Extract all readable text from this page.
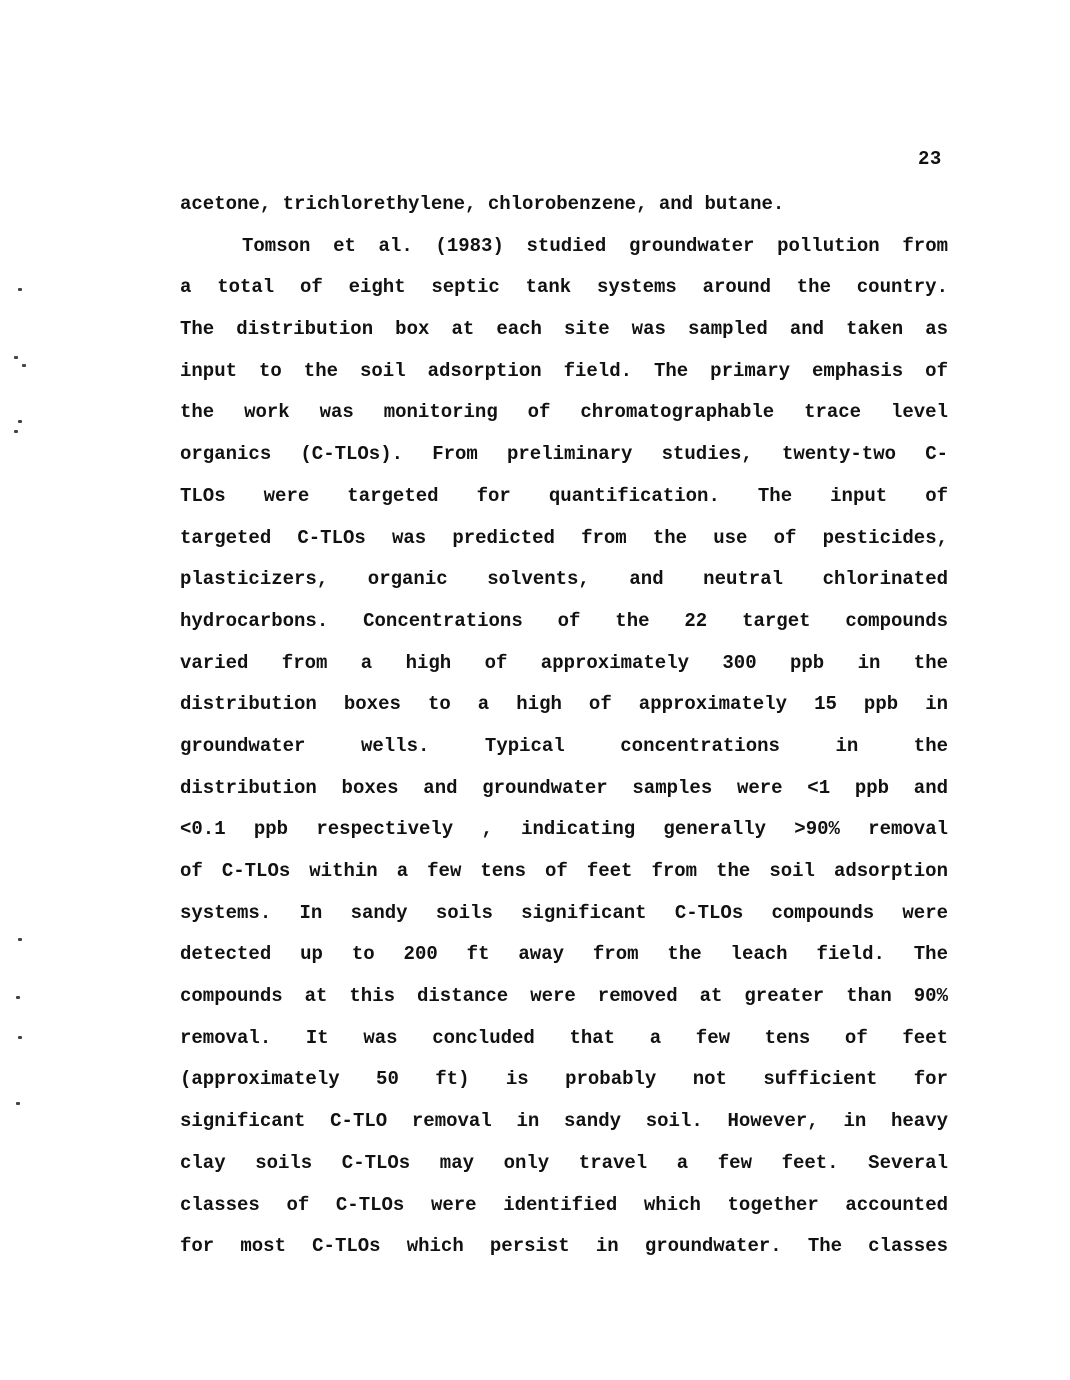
23
acetone, trichlorethylene, chlorobenzene, and butane.
Tomson et al. (1983) studied groundwater pollution from
a total of eight septic tank systems around the country.
The distribution box at each site was sampled and taken as
input to the soil adsorption field. The primary emphasis of
the work was monitoring of chromatographable trace level
organics (C-TLOs). From preliminary studies, twenty-two C-
TLOs were targeted for quantification. The input of
targeted C-TLOs was predicted from the use of pesticides,
plasticizers, organic solvents, and neutral chlorinated
hydrocarbons. Concentrations of the 22 target compounds
varied from a high of approximately 300 ppb in the
distribution boxes to a high of approximately 15 ppb in
groundwater wells. Typical concentrations in the
distribution boxes and groundwater samples were <1 ppb and
<0.1 ppb respectively , indicating generally >90% removal
of C-TLOs within a few tens of feet from the soil adsorption
systems. In sandy soils significant C-TLOs compounds were
detected up to 200 ft away from the leach field. The
compounds at this distance were removed at greater than 90%
removal. It was concluded that a few tens of feet
(approximately 50 ft) is probably not sufficient for
significant C-TLO removal in sandy soil. However, in heavy
clay soils C-TLOs may only travel a few feet. Several
classes of C-TLOs were identified which together accounted
for most C-TLOs which persist in groundwater. The classes
